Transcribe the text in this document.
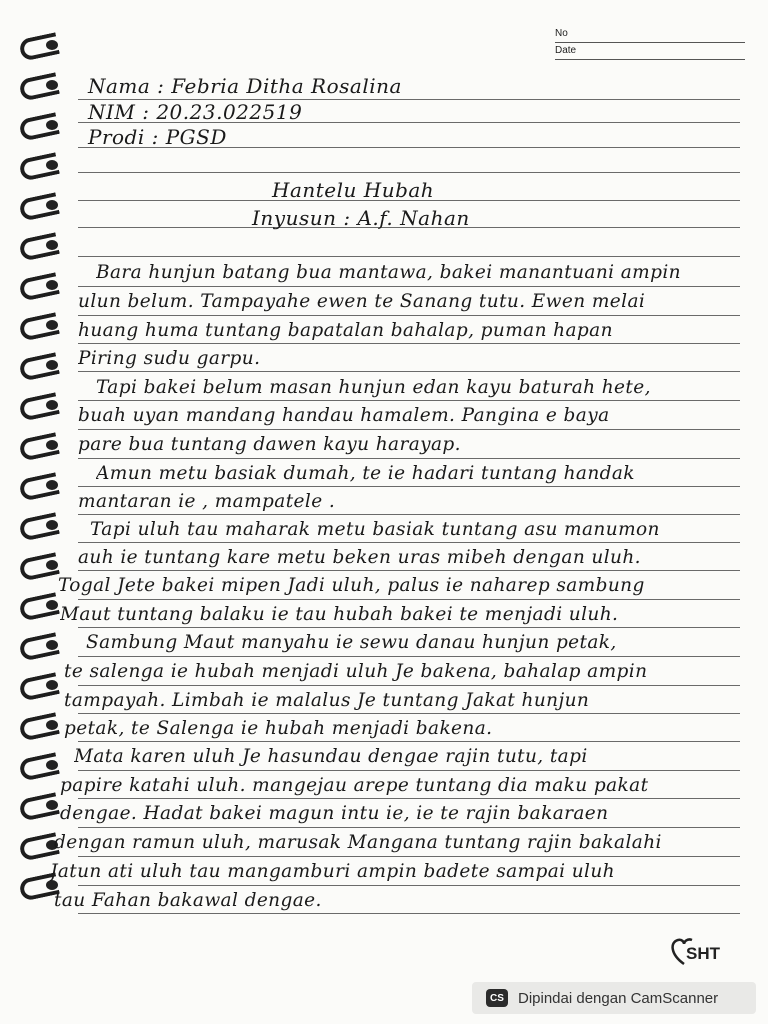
No
Date
Nama : Febria Ditha Rosalina
NIM : 20.23.022519
Prodi : PGSD
Hantelu Hubah
Inyusun : A.f. Nahan
Bara hunjun batang bua mantawa, bakei manantuani ampin
ulun belum. Tampayahe ewen te Sanang tutu. Ewen melai
huang huma tuntang bapatalan bahalap, puman hapan
Piring sudu garpu.
Tapi bakei belum masan hunjun edan kayu baturah hete,
buah uyan mandang handau hamalem. Pangina e baya
pare bua tuntang dawen kayu harayap.
Amun metu basiak dumah, te ie hadari tuntang handak
mantaran ie , mampatele .
Tapi uluh tau maharak metu basiak tuntang asu manumon
auh ie tuntang kare metu beken uras mibeh dengan uluh.
Togal Jete bakei mipen Jadi uluh, palus ie naharep sambung
Maut tuntang balaku ie tau hubah bakei te menjadi uluh.
Sambung Maut manyahu ie sewu danau hunjun petak,
te salenga ie hubah menjadi uluh Je bakena, bahalap ampin
tampayah. Limbah ie malalus Je tuntang Jakat hunjun
petak, te Salenga ie hubah menjadi bakena.
Mata karen uluh Je hasundau dengae rajin tutu, tapi
papire katahi uluh. mangejau arepe tuntang dia maku pakat
dengae. Hadat bakei magun intu ie, ie te rajin bakaraen
dengan ramun uluh, marusak Mangana tuntang rajin bakalahi
Jatun ati uluh tau mangamburi ampin badete sampai uluh
tau Fahan bakawal dengae.
SHT
CS Dipindai dengan CamScanner
